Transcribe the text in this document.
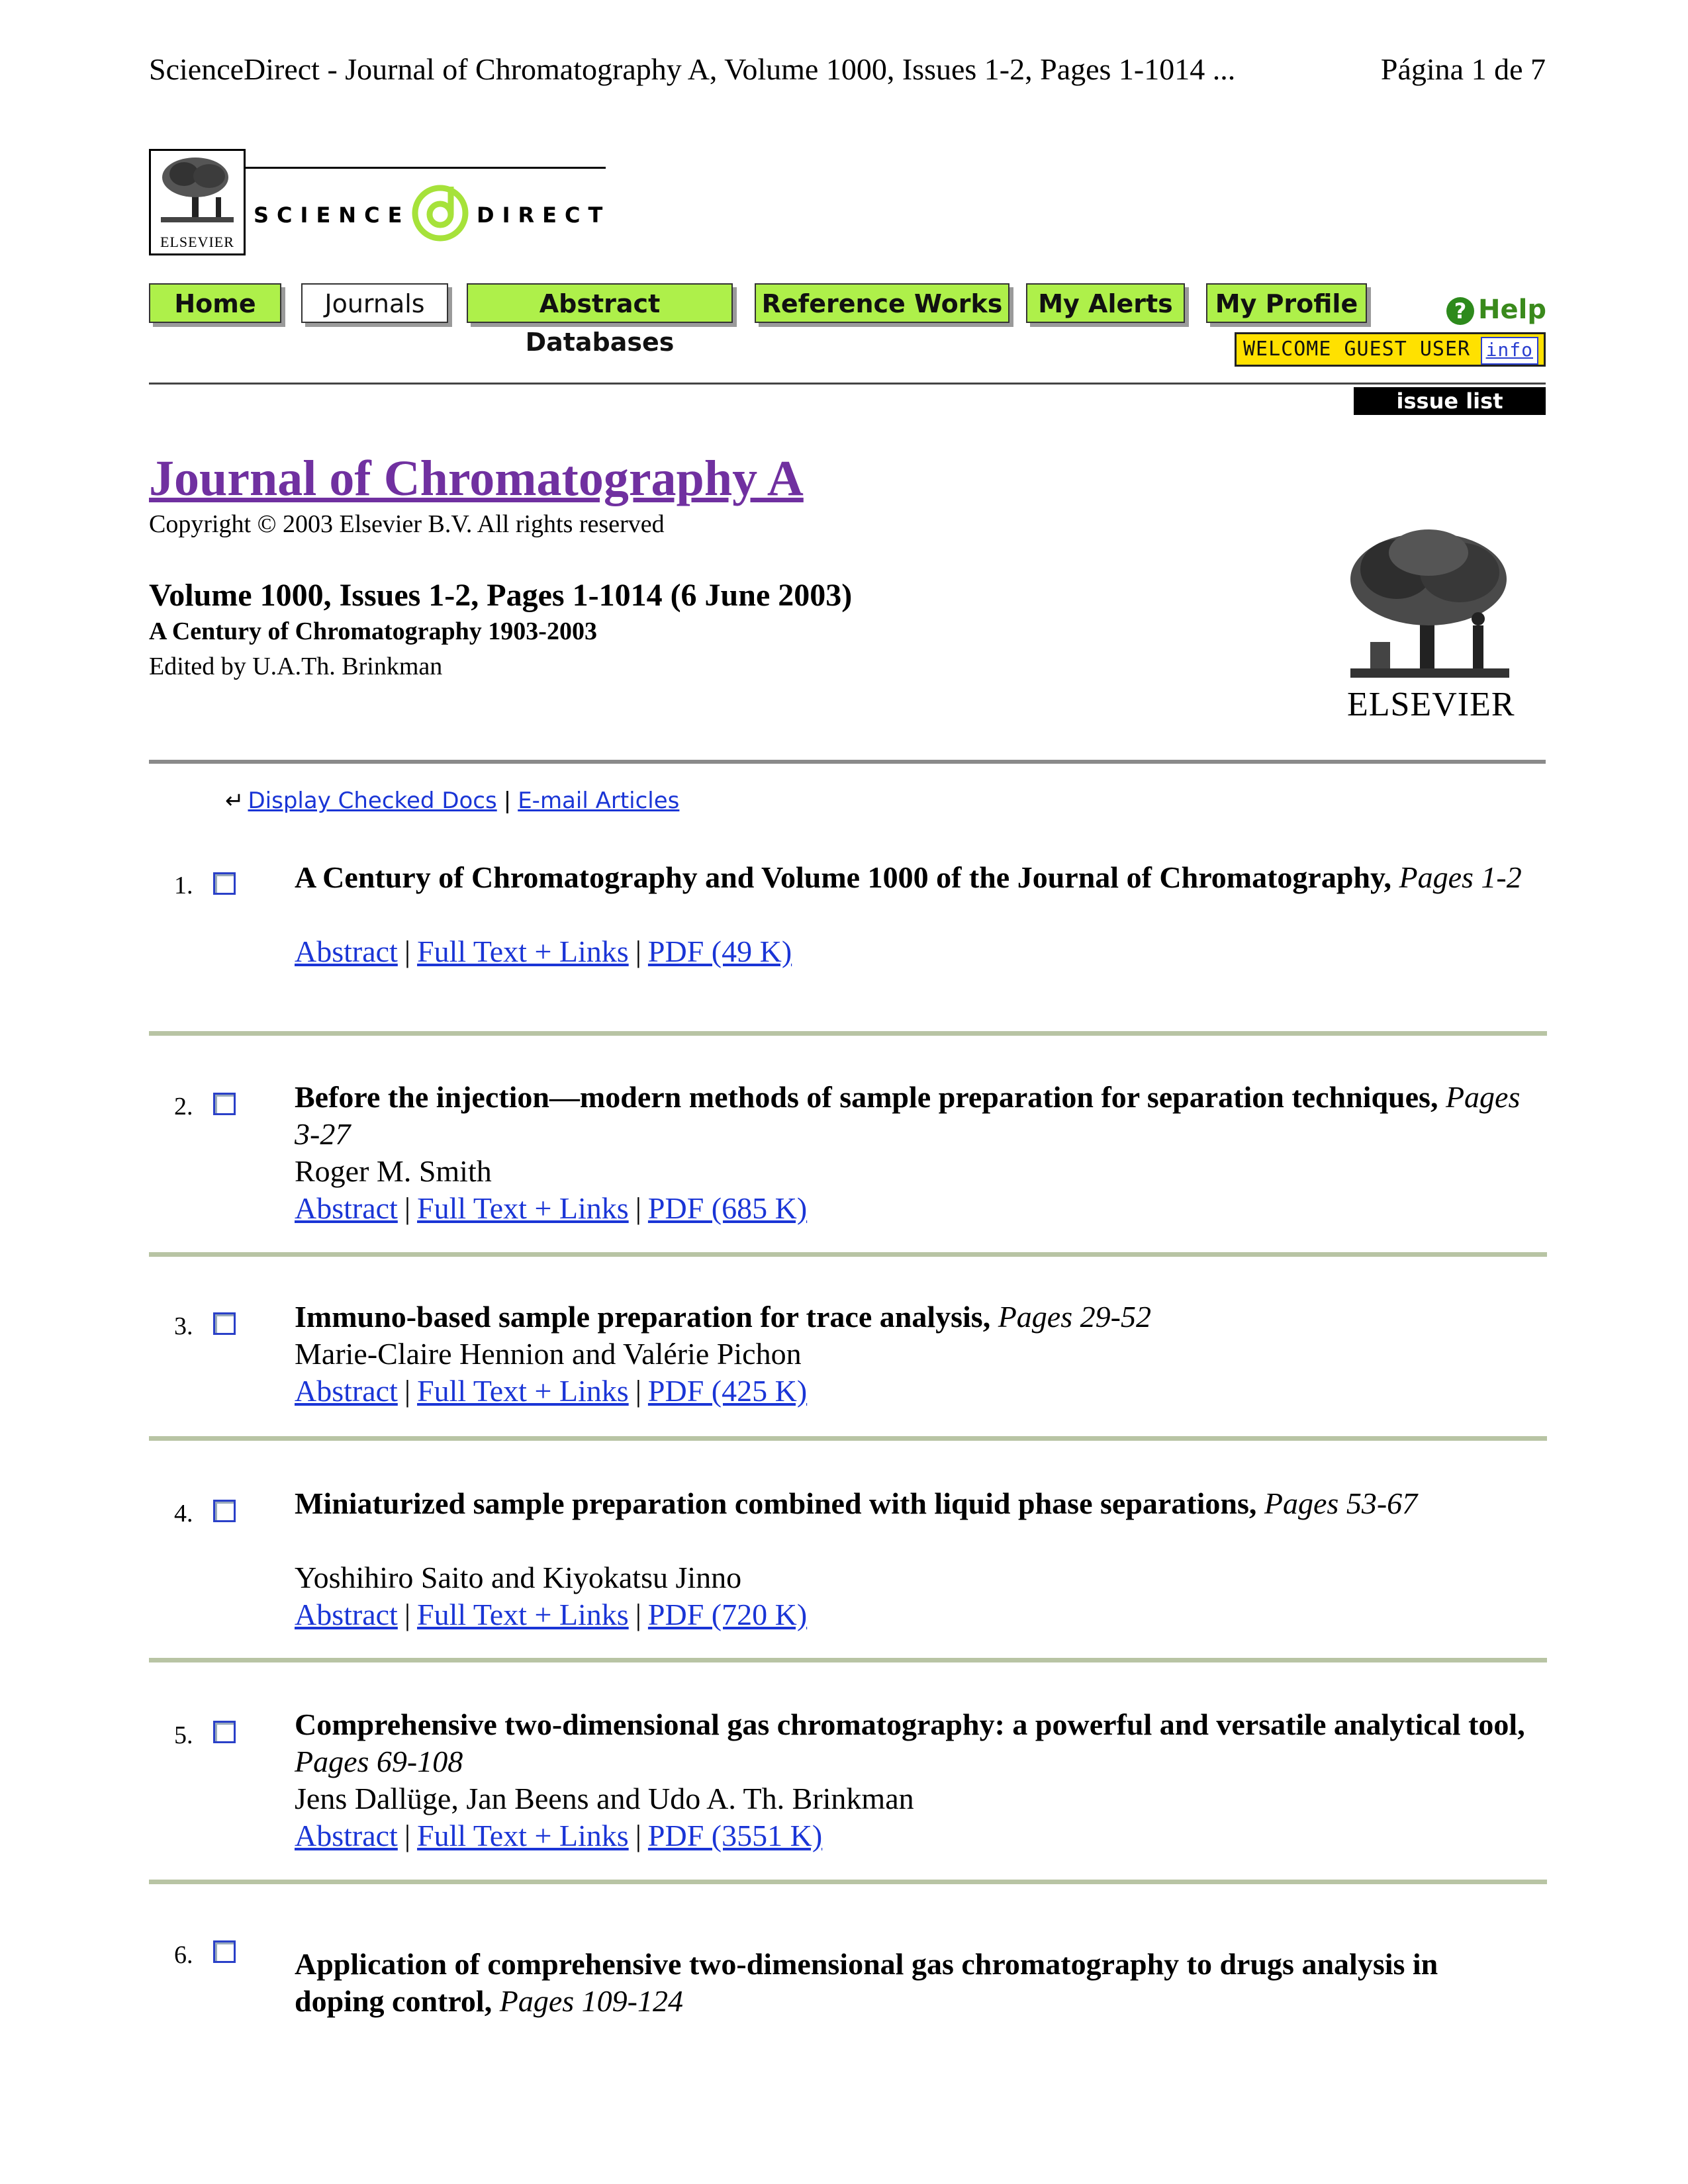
ScienceDirect - Journal of Chromatography A, Volume 1000, Issues 1-2, Pages 1-1014 ...	Página 1 de 7
ELSEVIER
SCIENCE	DIRECT
Home	Journals	Abstract Databases
Reference Works	My Alerts	My Profile	? Help
WELCOME GUEST USER info
issue list
Journal of Chromatography A
Copyright © 2003 Elsevier B.V. All rights reserved
Volume 1000, Issues 1-2, Pages 1-1014 (6 June 2003)
A Century of Chromatography 1903-2003
Edited by U.A.Th. Brinkman
ELSEVIER
↵ Display Checked Docs | E-mail Articles
1.	A Century of Chromatography and Volume 1000 of the Journal of Chromatography, Pages 1-2
Abstract | Full Text + Links | PDF (49 K)
2.	Before the injection—modern methods of sample preparation for separation techniques, Pages 3-27
Roger M. Smith
Abstract | Full Text + Links | PDF (685 K)
3.	Immuno-based sample preparation for trace analysis, Pages 29-52
Marie-Claire Hennion and Valérie Pichon
Abstract | Full Text + Links | PDF (425 K)
4.	Miniaturized sample preparation combined with liquid phase separations, Pages 53-67
Yoshihiro Saito and Kiyokatsu Jinno
Abstract | Full Text + Links | PDF (720 K)
5.	Comprehensive two-dimensional gas chromatography: a powerful and versatile analytical tool, Pages 69-108
Jens Dallüge, Jan Beens and Udo A. Th. Brinkman
Abstract | Full Text + Links | PDF (3551 K)
6.	Application of comprehensive two-dimensional gas chromatography to drugs analysis in doping control, Pages 109-124
